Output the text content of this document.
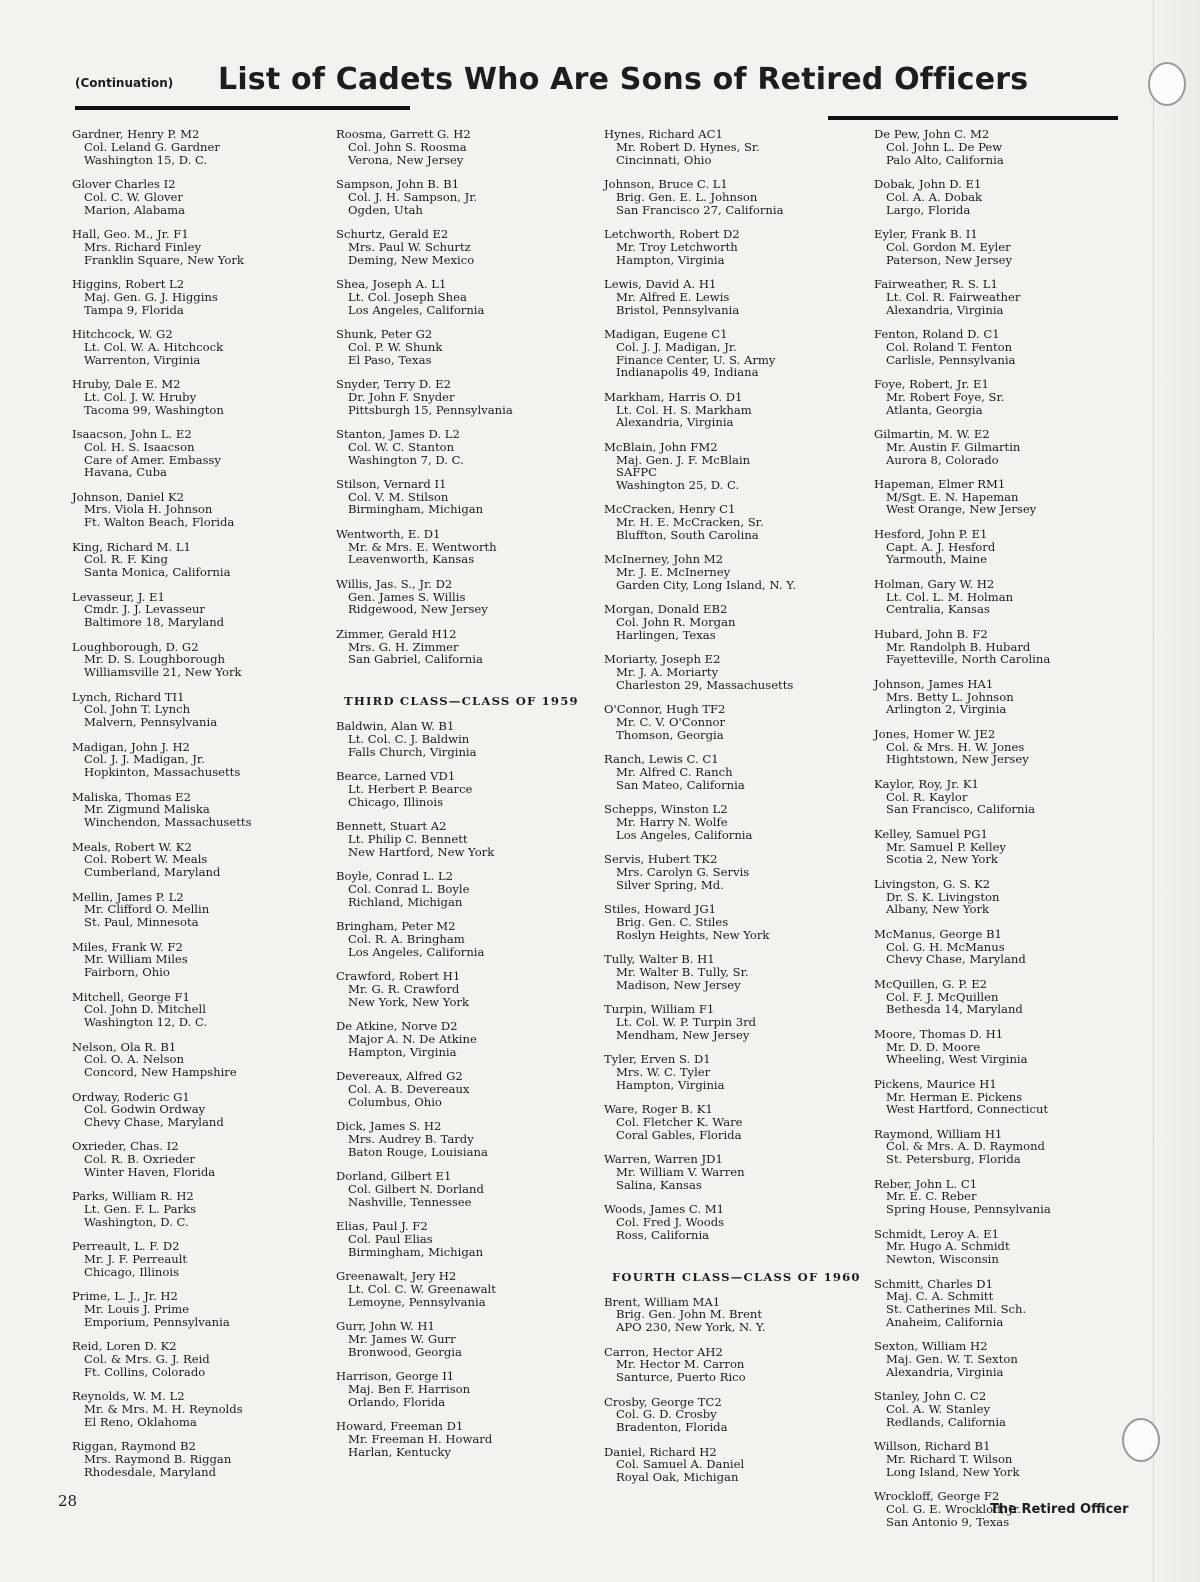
(Continuation) List of Cadets Who Are Sons of Retired Officers
Gardner, Henry P. M2
Col. Leland G. Gardner
Washington 15, D. C.
Glover Charles I2
Col. C. W. Glover
Marion, Alabama
Hall, Geo. M., Jr. F1
Mrs. Richard Finley
Franklin Square, New York
Higgins, Robert L2
Maj. Gen. G. J. Higgins
Tampa 9, Florida
Hitchcock, W. G2
Lt. Col. W. A. Hitchcock
Warrenton, Virginia
Hruby, Dale E. M2
Lt. Col. J. W. Hruby
Tacoma 99, Washington
Isaacson, John L. E2
Col. H. S. Isaacson
Care of Amer. Embassy
Havana, Cuba
Johnson, Daniel K2
Mrs. Viola H. Johnson
Ft. Walton Beach, Florida
King, Richard M. L1
Col. R. F. King
Santa Monica, California
Levasseur, J. E1
Cmdr. J. J. Levasseur
Baltimore 18, Maryland
Loughborough, D. G2
Mr. D. S. Loughborough
Williamsville 21, New York
Lynch, Richard TI1
Col. John T. Lynch
Malvern, Pennsylvania
Madigan, John J. H2
Col. J. J. Madigan, Jr.
Hopkinton, Massachusetts
Maliska, Thomas E2
Mr. Zigmund Maliska
Winchendon, Massachusetts
Meals, Robert W. K2
Col. Robert W. Meals
Cumberland, Maryland
Mellin, James P. L2
Mr. Clifford O. Mellin
St. Paul, Minnesota
Miles, Frank W. F2
Mr. William Miles
Fairborn, Ohio
Mitchell, George F1
Col. John D. Mitchell
Washington 12, D. C.
Nelson, Ola R. B1
Col. O. A. Nelson
Concord, New Hampshire
Ordway, Roderic G1
Col. Godwin Ordway
Chevy Chase, Maryland
Oxrieder, Chas. I2
Col. R. B. Oxrieder
Winter Haven, Florida
Parks, William R. H2
Lt. Gen. F. L. Parks
Washington, D. C.
Perreault, L. F. D2
Mr. J. F. Perreault
Chicago, Illinois
Prime, L. J., Jr. H2
Mr. Louis J. Prime
Emporium, Pennsylvania
Reid, Loren D. K2
Col. & Mrs. G. J. Reid
Ft. Collins, Colorado
Reynolds, W. M. L2
Mr. & Mrs. M. H. Reynolds
El Reno, Oklahoma
Riggan, Raymond B2
Mrs. Raymond B. Riggan
Rhodesdale, Maryland
Roosma, Garrett G. H2
Col. John S. Roosma
Verona, New Jersey
Sampson, John B. B1
Col. J. H. Sampson, Jr.
Ogden, Utah
Schurtz, Gerald E2
Mrs. Paul W. Schurtz
Deming, New Mexico
Shea, Joseph A. L1
Lt. Col. Joseph Shea
Los Angeles, California
Shunk, Peter G2
Col. P. W. Shunk
El Paso, Texas
Snyder, Terry D. E2
Dr. John F. Snyder
Pittsburgh 15, Pennsylvania
Stanton, James D. L2
Col. W. C. Stanton
Washington 7, D. C.
Stilson, Vernard I1
Col. V. M. Stilson
Birmingham, Michigan
Wentworth, E. D1
Mr. & Mrs. E. Wentworth
Leavenworth, Kansas
Willis, Jas. S., Jr. D2
Gen. James S. Willis
Ridgewood, New Jersey
Zimmer, Gerald H12
Mrs. G. H. Zimmer
San Gabriel, California
THIRD CLASS—CLASS OF 1959
Baldwin, Alan W. B1
Lt. Col. C. J. Baldwin
Falls Church, Virginia
Bearce, Larned VD1
Lt. Herbert P. Bearce
Chicago, Illinois
Bennett, Stuart A2
Lt. Philip C. Bennett
New Hartford, New York
Boyle, Conrad L. L2
Col. Conrad L. Boyle
Richland, Michigan
Bringham, Peter M2
Col. R. A. Bringham
Los Angeles, California
Crawford, Robert H1
Mr. G. R. Crawford
New York, New York
De Atkine, Norve D2
Major A. N. De Atkine
Hampton, Virginia
Devereaux, Alfred G2
Col. A. B. Devereaux
Columbus, Ohio
Dick, James S. H2
Mrs. Audrey B. Tardy
Baton Rouge, Louisiana
Dorland, Gilbert E1
Col. Gilbert N. Dorland
Nashville, Tennessee
Elias, Paul J. F2
Col. Paul Elias
Birmingham, Michigan
Greenawalt, Jery H2
Lt. Col. C. W. Greenawalt
Lemoyne, Pennsylvania
Gurr, John W. H1
Mr. James W. Gurr
Bronwood, Georgia
Harrison, George I1
Maj. Ben F. Harrison
Orlando, Florida
Howard, Freeman D1
Mr. Freeman H. Howard
Harlan, Kentucky
Hynes, Richard AC1
Mr. Robert D. Hynes, Sr.
Cincinnati, Ohio
Johnson, Bruce C. L1
Brig. Gen. E. L. Johnson
San Francisco 27, California
Letchworth, Robert D2
Mr. Troy Letchworth
Hampton, Virginia
Lewis, David A. H1
Mr. Alfred E. Lewis
Bristol, Pennsylvania
Madigan, Eugene C1
Col. J. J. Madigan, Jr.
Finance Center, U. S. Army
Indianapolis 49, Indiana
Markham, Harris O. D1
Lt. Col. H. S. Markham
Alexandria, Virginia
McBlain, John FM2
Maj. Gen. J. F. McBlain
SAFPC
Washington 25, D. C.
McCracken, Henry C1
Mr. H. E. McCracken, Sr.
Bluffton, South Carolina
McInerney, John M2
Mr. J. E. McInerney
Garden City, Long Island, N. Y.
Morgan, Donald EB2
Col. John R. Morgan
Harlingen, Texas
Moriarty, Joseph E2
Mr. J. A. Moriarty
Charleston 29, Massachusetts
O'Connor, Hugh TF2
Mr. C. V. O'Connor
Thomson, Georgia
Ranch, Lewis C. C1
Mr. Alfred C. Ranch
San Mateo, California
Schepps, Winston L2
Mr. Harry N. Wolfe
Los Angeles, California
Servis, Hubert TK2
Mrs. Carolyn G. Servis
Silver Spring, Md.
Stiles, Howard JG1
Brig. Gen. C. Stiles
Roslyn Heights, New York
Tully, Walter B. H1
Mr. Walter B. Tully, Sr.
Madison, New Jersey
Turpin, William F1
Lt. Col. W. P. Turpin 3rd
Mendham, New Jersey
Tyler, Erven S. D1
Mrs. W. C. Tyler
Hampton, Virginia
Ware, Roger B. K1
Col. Fletcher K. Ware
Coral Gables, Florida
Warren, Warren JD1
Mr. William V. Warren
Salina, Kansas
Woods, James C. M1
Col. Fred J. Woods
Ross, California
FOURTH CLASS—CLASS OF 1960
Brent, William MA1
Brig. Gen. John M. Brent
APO 230, New York, N. Y.
Carron, Hector AH2
Mr. Hector M. Carron
Santurce, Puerto Rico
Crosby, George TC2
Col. G. D. Crosby
Bradenton, Florida
Daniel, Richard H2
Col. Samuel A. Daniel
Royal Oak, Michigan
De Pew, John C. M2
Col. John L. De Pew
Palo Alto, California
Dobak, John D. E1
Col. A. A. Dobak
Largo, Florida
Eyler, Frank B. I1
Col. Gordon M. Eyler
Paterson, New Jersey
Fairweather, R. S. L1
Lt. Col. R. Fairweather
Alexandria, Virginia
Fenton, Roland D. C1
Col. Roland T. Fenton
Carlisle, Pennsylvania
Foye, Robert, Jr. E1
Mr. Robert Foye, Sr.
Atlanta, Georgia
Gilmartin, M. W. E2
Mr. Austin F. Gilmartin
Aurora 8, Colorado
Hapeman, Elmer RM1
M/Sgt. E. N. Hapeman
West Orange, New Jersey
Hesford, John P. E1
Capt. A. J. Hesford
Yarmouth, Maine
Holman, Gary W. H2
Lt. Col. L. M. Holman
Centralia, Kansas
Hubard, John B. F2
Mr. Randolph B. Hubard
Fayetteville, North Carolina
Johnson, James HA1
Mrs. Betty L. Johnson
Arlington 2, Virginia
Jones, Homer W. JE2
Col. & Mrs. H. W. Jones
Hightstown, New Jersey
Kaylor, Roy, Jr. K1
Col. R. Kaylor
San Francisco, California
Kelley, Samuel PG1
Mr. Samuel P. Kelley
Scotia 2, New York
Livingston, G. S. K2
Dr. S. K. Livingston
Albany, New York
McManus, George B1
Col. G. H. McManus
Chevy Chase, Maryland
McQuillen, G. P. E2
Col. F. J. McQuillen
Bethesda 14, Maryland
Moore, Thomas D. H1
Mr. D. D. Moore
Wheeling, West Virginia
Pickens, Maurice H1
Mr. Herman E. Pickens
West Hartford, Connecticut
Raymond, William H1
Col. & Mrs. A. D. Raymond
St. Petersburg, Florida
Reber, John L. C1
Mr. E. C. Reber
Spring House, Pennsylvania
Schmidt, Leroy A. E1
Mr. Hugo A. Schmidt
Newton, Wisconsin
Schmitt, Charles D1
Maj. C. A. Schmitt
St. Catherines Mil. Sch.
Anaheim, California
Sexton, William H2
Maj. Gen. W. T. Sexton
Alexandria, Virginia
Stanley, John C. C2
Col. A. W. Stanley
Redlands, California
Willson, Richard B1
Mr. Richard T. Wilson
Long Island, New York
Wrockloff, George F2
Col. G. E. Wrockloff, Jr.
San Antonio 9, Texas
28	The Retired Officer
